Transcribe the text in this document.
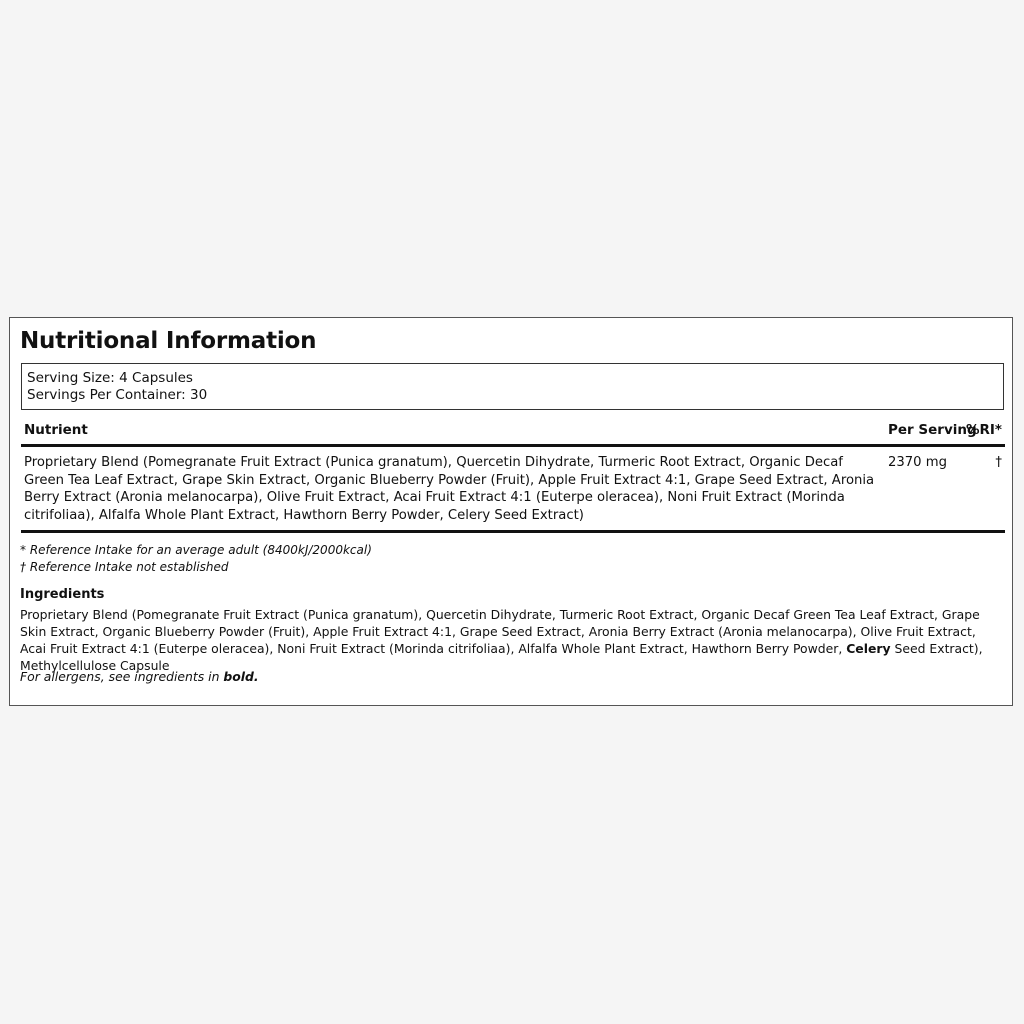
Nutritional Information
Serving Size: 4 Capsules
Servings Per Container: 30
Nutrient	Per Serving
%RI*
Proprietary Blend (Pomegranate Fruit Extract (Punica granatum), Quercetin Dihydrate, Turmeric Root Extract, Organic Decaf Green Tea Leaf Extract, Grape Skin Extract, Organic Blueberry Powder (Fruit), Apple Fruit Extract 4:1, Grape Seed Extract, Aronia Berry Extract (Aronia melanocarpa), Olive Fruit Extract, Acai Fruit Extract 4:1 (Euterpe oleracea), Noni Fruit Extract (Morinda citrifoliaa), Alfalfa Whole Plant Extract, Hawthorn Berry Powder, Celery Seed Extract)
2370 mg	†
* Reference Intake for an average adult (8400kJ/2000kcal)
† Reference Intake not established
Ingredients
Proprietary Blend (Pomegranate Fruit Extract (Punica granatum), Quercetin Dihydrate, Turmeric Root Extract, Organic Decaf Green Tea Leaf Extract, Grape Skin Extract, Organic Blueberry Powder (Fruit), Apple Fruit Extract 4:1, Grape Seed Extract, Aronia Berry Extract (Aronia melanocarpa), Olive Fruit Extract, Acai Fruit Extract 4:1 (Euterpe oleracea), Noni Fruit Extract (Morinda citrifoliaa), Alfalfa Whole Plant Extract, Hawthorn Berry Powder, Celery Seed Extract), Methylcellulose Capsule
For allergens, see ingredients in bold.
